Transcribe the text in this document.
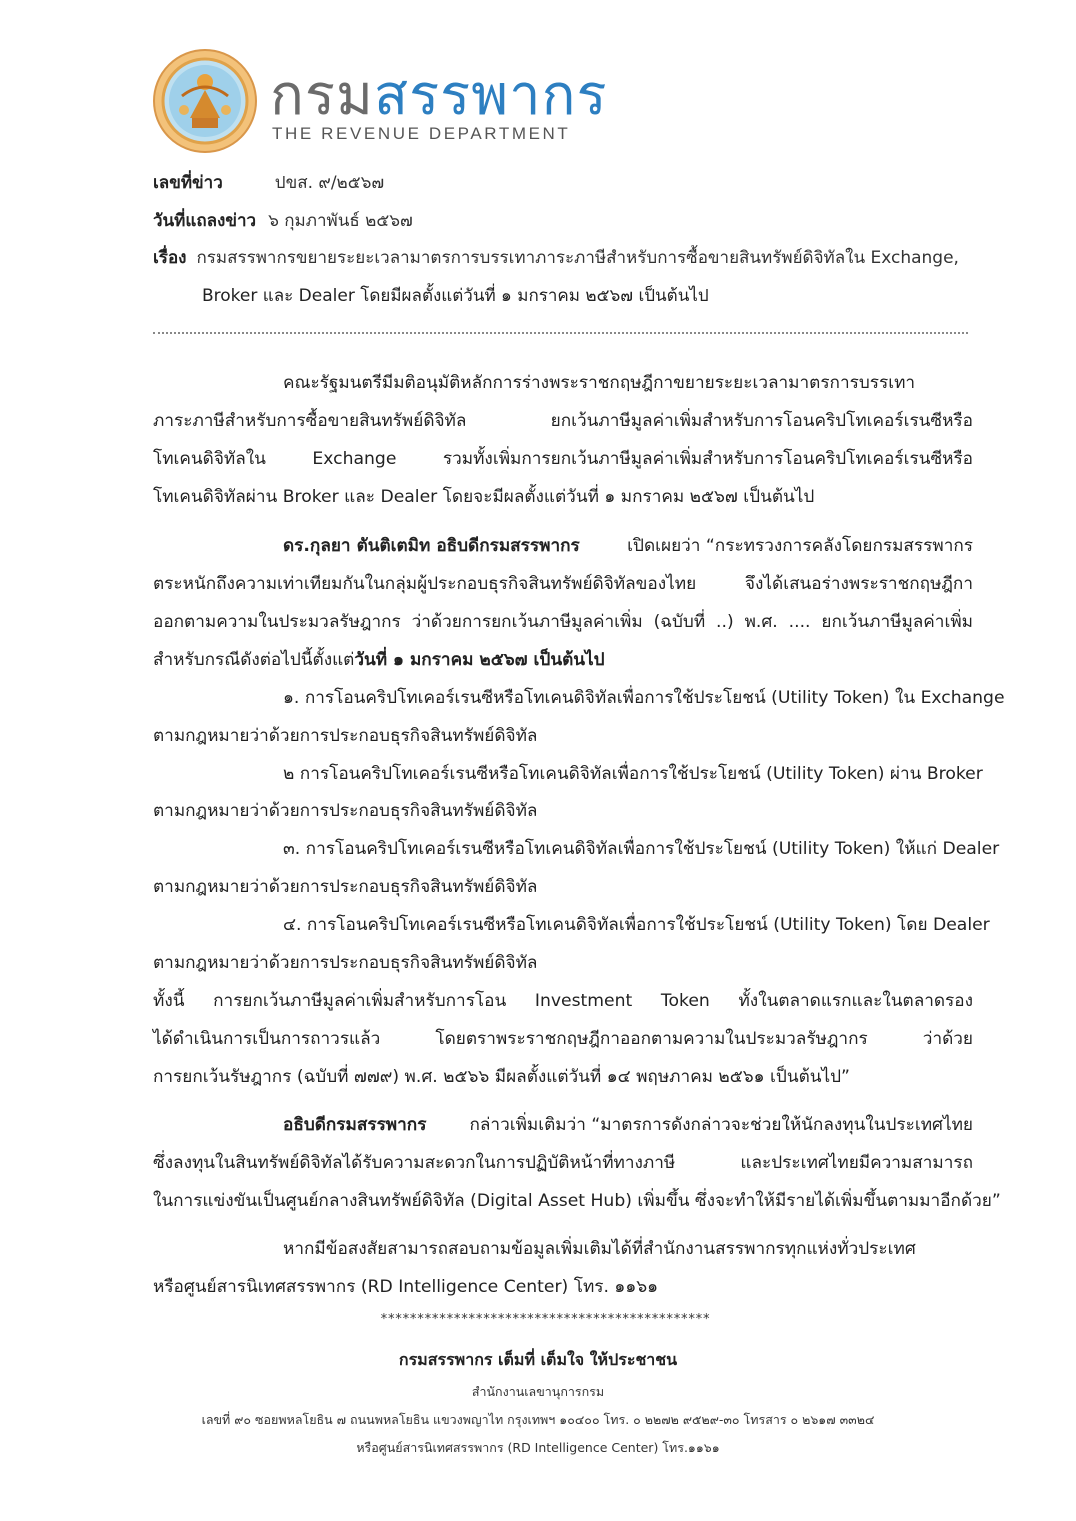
กรมสรรพากร
THE REVENUE DEPARTMENT
เลขที่ข่าว	ปขส. ๙/๒๕๖๗
วันที่แถลงข่าว ๖ กุมภาพันธ์ ๒๕๖๗
เรื่อง กรมสรรพากรขยายระยะเวลามาตรการบรรเทาภาระภาษีสำหรับการซื้อขายสินทรัพย์ดิจิทัลใน Exchange,
Broker และ Dealer โดยมีผลตั้งแต่วันที่ ๑ มกราคม ๒๕๖๗ เป็นต้นไป
คณะรัฐมนตรีมีมติอนุมัติหลักการร่างพระราชกฤษฎีกาขยายระยะเวลามาตรการบรรเทา
ภาระภาษีสำหรับการซื้อขายสินทรัพย์ดิจิทัล ยกเว้นภาษีมูลค่าเพิ่มสำหรับการโอนคริปโทเคอร์เรนซีหรือ
โทเคนดิจิทัลใน Exchange รวมทั้งเพิ่มการยกเว้นภาษีมูลค่าเพิ่มสำหรับการโอนคริปโทเคอร์เรนซีหรือ
โทเคนดิจิทัลผ่าน Broker และ Dealer โดยจะมีผลตั้งแต่วันที่ ๑ มกราคม ๒๕๖๗ เป็นต้นไป
ดร.กุลยา ตันติเตมิท อธิบดีกรมสรรพากร	เปิดเผยว่า “กระทรวงการคลังโดยกรมสรรพากร
ตระหนักถึงความเท่าเทียมกันในกลุ่มผู้ประกอบธุรกิจสินทรัพย์ดิจิทัลของไทย จึงได้เสนอร่างพระราชกฤษฎีกา
ออกตามความในประมวลรัษฎากร ว่าด้วยการยกเว้นภาษีมูลค่าเพิ่ม (ฉบับที่ ..) พ.ศ. .... ยกเว้นภาษีมูลค่าเพิ่ม
สำหรับกรณีดังต่อไปนี้ตั้งแต่วันที่ ๑ มกราคม ๒๕๖๗ เป็นต้นไป
๑. การโอนคริปโทเคอร์เรนซีหรือโทเคนดิจิทัลเพื่อการใช้ประโยชน์ (Utility Token) ใน Exchange
ตามกฎหมายว่าด้วยการประกอบธุรกิจสินทรัพย์ดิจิทัล
๒ การโอนคริปโทเคอร์เรนซีหรือโทเคนดิจิทัลเพื่อการใช้ประโยชน์ (Utility Token) ผ่าน Broker
ตามกฎหมายว่าด้วยการประกอบธุรกิจสินทรัพย์ดิจิทัล
๓. การโอนคริปโทเคอร์เรนซีหรือโทเคนดิจิทัลเพื่อการใช้ประโยชน์ (Utility Token) ให้แก่ Dealer
ตามกฎหมายว่าด้วยการประกอบธุรกิจสินทรัพย์ดิจิทัล
๔. การโอนคริปโทเคอร์เรนซีหรือโทเคนดิจิทัลเพื่อการใช้ประโยชน์ (Utility Token) โดย Dealer
ตามกฎหมายว่าด้วยการประกอบธุรกิจสินทรัพย์ดิจิทัล
ทั้งนี้ การยกเว้นภาษีมูลค่าเพิ่มสำหรับการโอน Investment Token ทั้งในตลาดแรกและในตลาดรอง
ได้ดำเนินการเป็นการถาวรแล้ว โดยตราพระราชกฤษฎีกาออกตามความในประมวลรัษฎากร ว่าด้วย
การยกเว้นรัษฎากร (ฉบับที่ ๗๗๙) พ.ศ. ๒๕๖๖ มีผลตั้งแต่วันที่ ๑๔ พฤษภาคม ๒๕๖๑ เป็นต้นไป”
อธิบดีกรมสรรพากร	กล่าวเพิ่มเติมว่า “มาตรการดังกล่าวจะช่วยให้นักลงทุนในประเทศไทย
ซึ่งลงทุนในสินทรัพย์ดิจิทัลได้รับความสะดวกในการปฏิบัติหน้าที่ทางภาษี และประเทศไทยมีความสามารถ
ในการแข่งขันเป็นศูนย์กลางสินทรัพย์ดิจิทัล (Digital Asset Hub) เพิ่มขึ้น ซึ่งจะทำให้มีรายได้เพิ่มขึ้นตามมาอีกด้วย”
หากมีข้อสงสัยสามารถสอบถามข้อมูลเพิ่มเติมได้ที่สำนักงานสรรพากรทุกแห่งทั่วประเทศ
หรือศูนย์สารนิเทศสรรพากร (RD Intelligence Center) โทร. ๑๑๖๑
*********************************************
กรมสรรพากร เต็มที่ เต็มใจ ให้ประชาชน
สำนักงานเลขานุการกรม
เลขที่ ๙๐ ซอยพหลโยธิน ๗ ถนนพหลโยธิน แขวงพญาไท กรุงเทพฯ ๑๐๔๐๐ โทร. ๐ ๒๒๗๒ ๙๕๒๙-๓๐ โทรสาร ๐ ๒๖๑๗ ๓๓๒๔
หรือศูนย์สารนิเทศสรรพากร (RD Intelligence Center) โทร.๑๑๖๑
